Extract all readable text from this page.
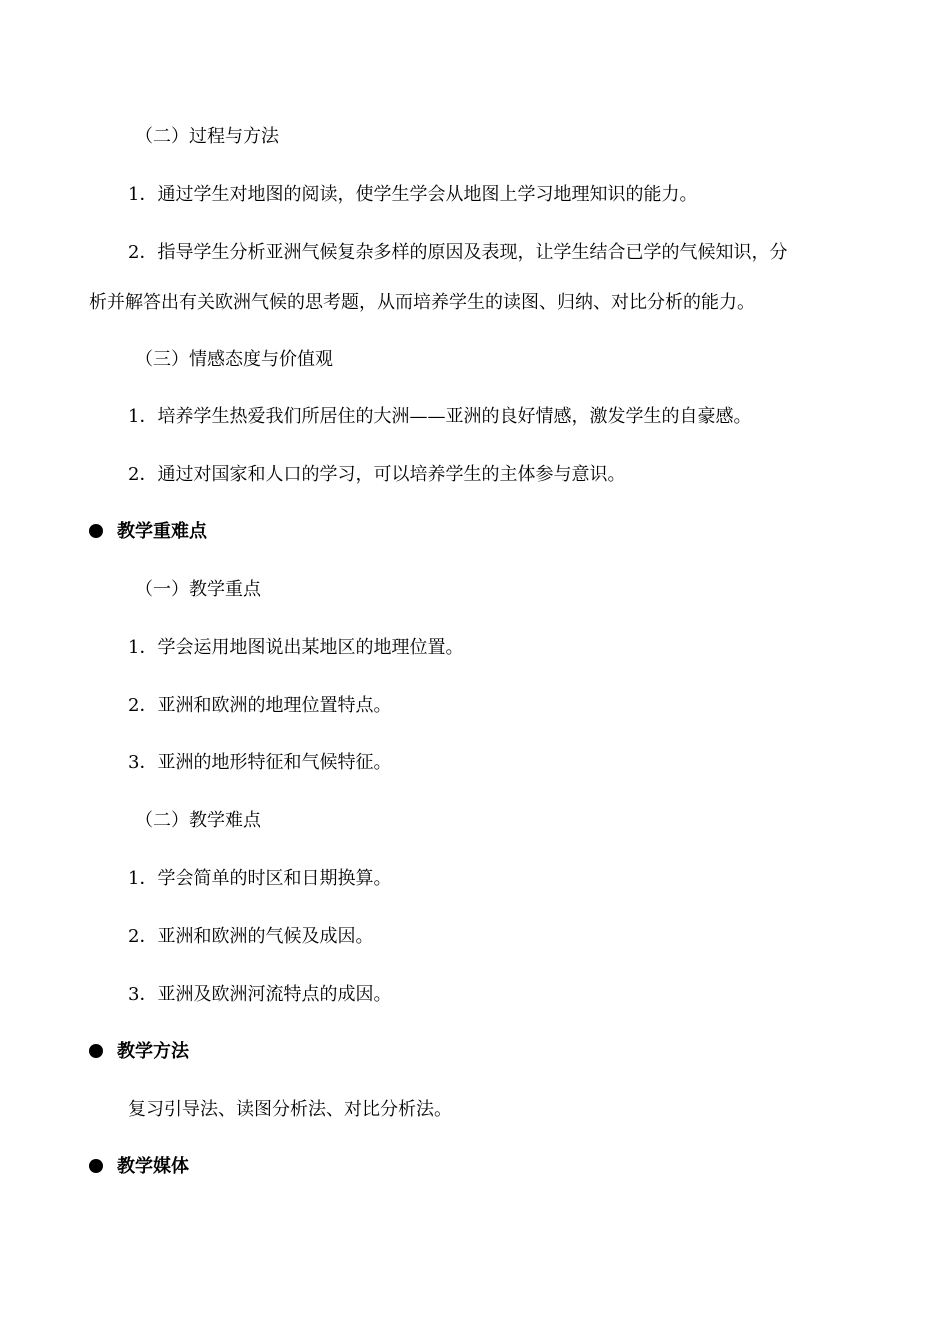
（二）过程与方法
1．通过学生对地图的阅读，使学生学会从地图上学习地理知识的能力。
2．指导学生分析亚洲气候复杂多样的原因及表现，让学生结合已学的气候知识，分
析并解答出有关欧洲气候的思考题，从而培养学生的读图、归纳、对比分析的能力。
（三）情感态度与价值观
1．培养学生热爱我们所居住的大洲——亚洲的良好情感，激发学生的自豪感。
2．通过对国家和人口的学习，可以培养学生的主体参与意识。
教学重难点
（一）教学重点
1．学会运用地图说出某地区的地理位置。
2．亚洲和欧洲的地理位置特点。
3．亚洲的地形特征和气候特征。
（二）教学难点
1．学会简单的时区和日期换算。
2．亚洲和欧洲的气候及成因。
3．亚洲及欧洲河流特点的成因。
教学方法
复习引导法、读图分析法、对比分析法。
教学媒体
